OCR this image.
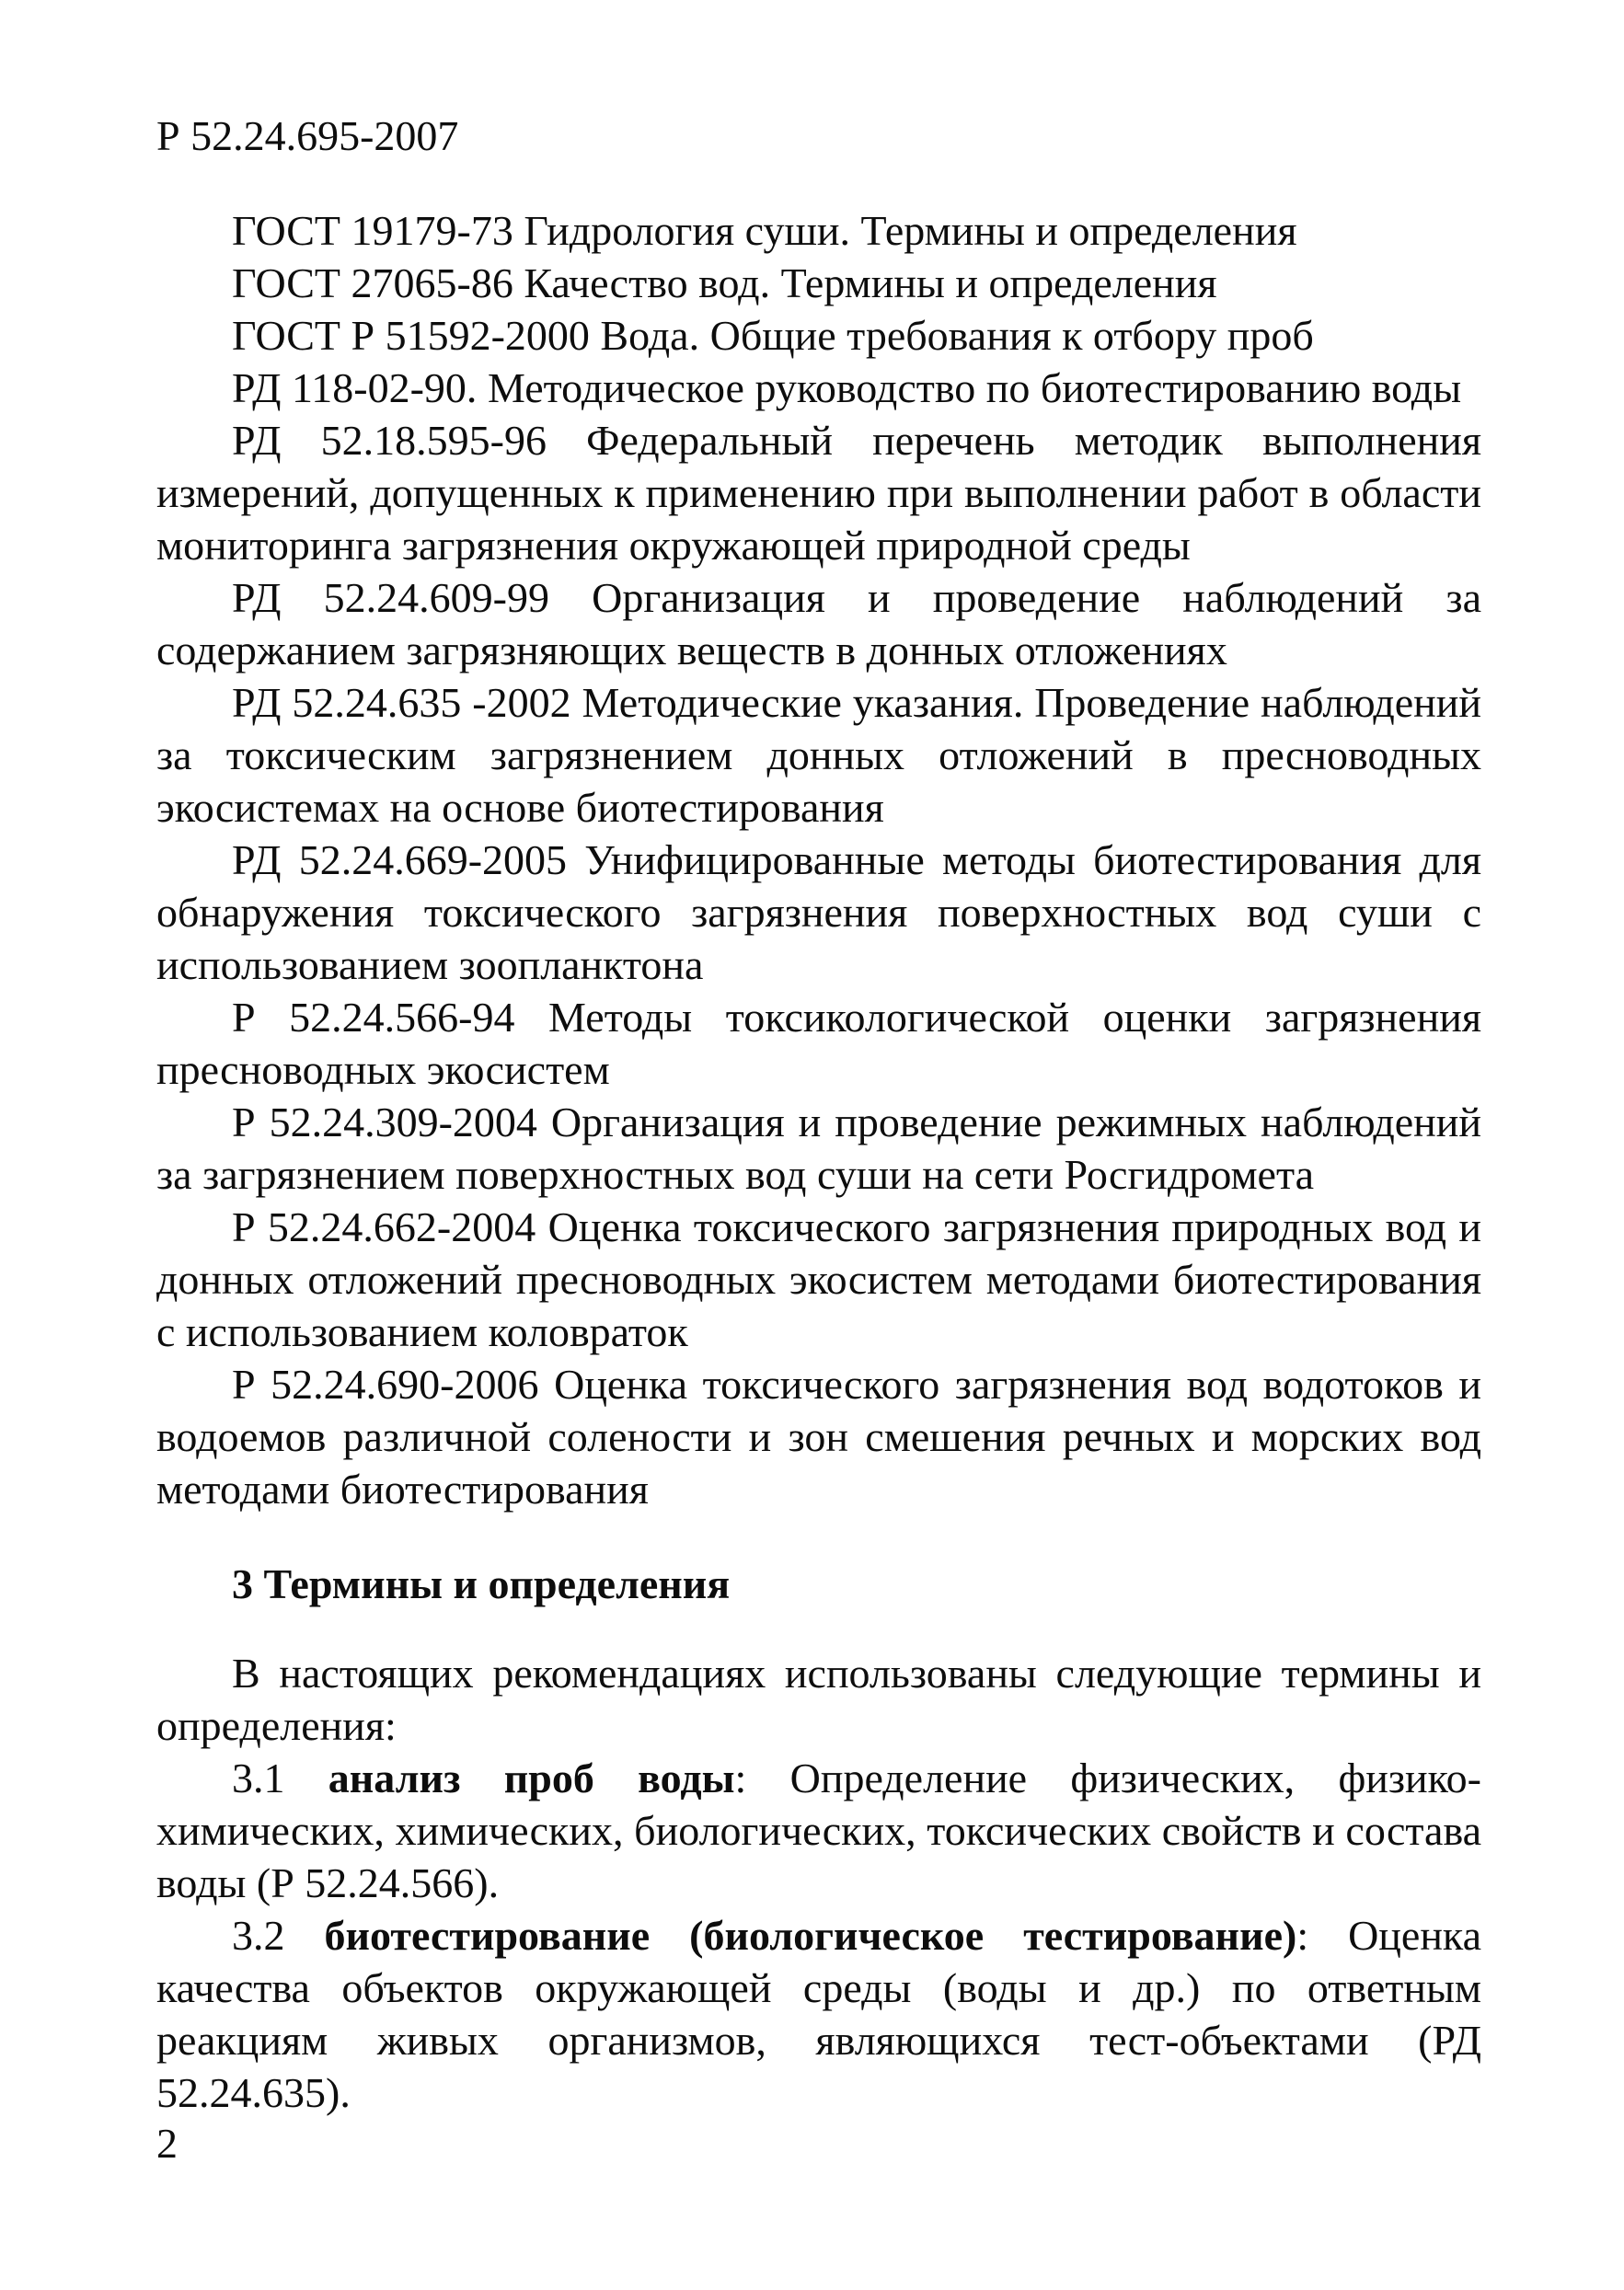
Р 52.24.695-2007
ГОСТ 19179-73 Гидрология суши. Термины и определения
ГОСТ 27065-86 Качество вод. Термины и определения
ГОСТ Р 51592-2000 Вода. Общие требования к отбору проб

РД 118-02-90. Методическое руководство по биотестированию воды

РД 52.18.595-96 Федеральный перечень методик выполнения измерений, допущенных к применению при выполнении работ в области мониторинга загрязнения окружающей природной среды

РД 52.24.609-99 Организация и проведение наблюдений за содержанием загрязняющих веществ в донных отложениях

РД 52.24.635 -2002 Методические указания. Проведение наблюдений за токсическим загрязнением донных отложений в пресноводных экосистемах на основе биотестирования

РД 52.24.669-2005 Унифицированные методы биотестирования для обнаружения токсического загрязнения поверхностных вод суши с использованием зоопланктона

Р 52.24.566-94 Методы токсикологической оценки загрязнения пресноводных экосистем

Р 52.24.309-2004 Организация и проведение режимных наблюдений за загрязнением поверхностных вод суши на сети Росгидромета

Р 52.24.662-2004 Оценка токсического загрязнения природных вод и донных отложений пресноводных экосистем методами биотестирования с использованием коловраток

Р 52.24.690-2006 Оценка токсического загрязнения вод водотоков и водоемов различной солености и зон смешения речных и морских вод методами биотестирования

3 Термины и определения

В настоящих рекомендациях использованы следующие термины и определения:

3.1 анализ проб воды: Определение физических, физико-химических, химических, биологических, токсических свойств и состава воды (Р 52.24.566).

3.2 биотестирование (биологическое тестирование): Оценка качества объектов окружающей среды (воды и др.) по ответным реакциям живых организмов, являющихся тест-объектами (РД 52.24.635).

2
